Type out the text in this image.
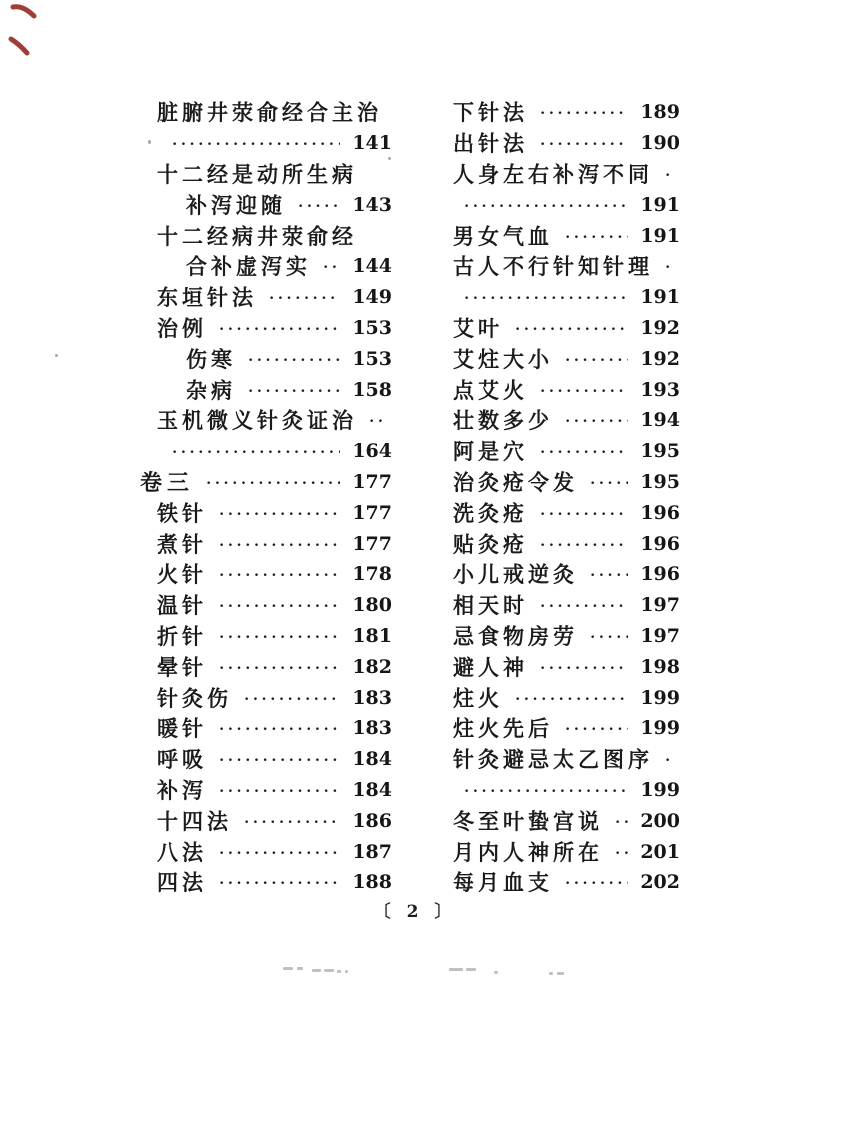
脏腑井荥俞经合主治
•••••
141
十二经是动所生病
补泻迎随 •••••	143
十二经病井荥俞经
合补虚泻实 ••••• 144
东垣针法 •••••	149
治例 •••••	153
伤寒 •••••	153
杂病 •••••	158
玉机微义针灸证治
•••
•••••
164
卷三 •••••	177
铁针 •••••	177
煮针 •••••	177
火针 •••••	178
温针 •••••	180
折针 •••••	181
晕针 •••••	182
针灸伤 •••••	183
暖针 •••••	183
呼吸 •••••	184
补泻 •••••	184
十四法 •••••	186
八法 •••••	187
四法 •••••	188
下针法 •••••	189
出针法 •••••	190
人身左右补泻不同
•••
•••••
191
男女气血 •••••	191
古人不行针知针理
•••
•••••
191
艾叶 •••••	192
艾炷大小 •••••	192
点艾火 •••••	193
壮数多少 •••••	194
阿是穴 •••••	195
治灸疮令发 •••••	195
洗灸疮 •••••	196
贴灸疮 •••••	196
小儿戒逆灸 •••••	196
相天时 •••••	197
忌食物房劳 •••••	197
避人神 •••••	198
炷火 •••••	199
炷火先后 •••••	199
针灸避忌太乙图序
•••
•••••
199
冬至叶蛰宫说 ••••• 200
月内人神所在 ••••• 201
每月血支 •••••	202
〔 2 〕
